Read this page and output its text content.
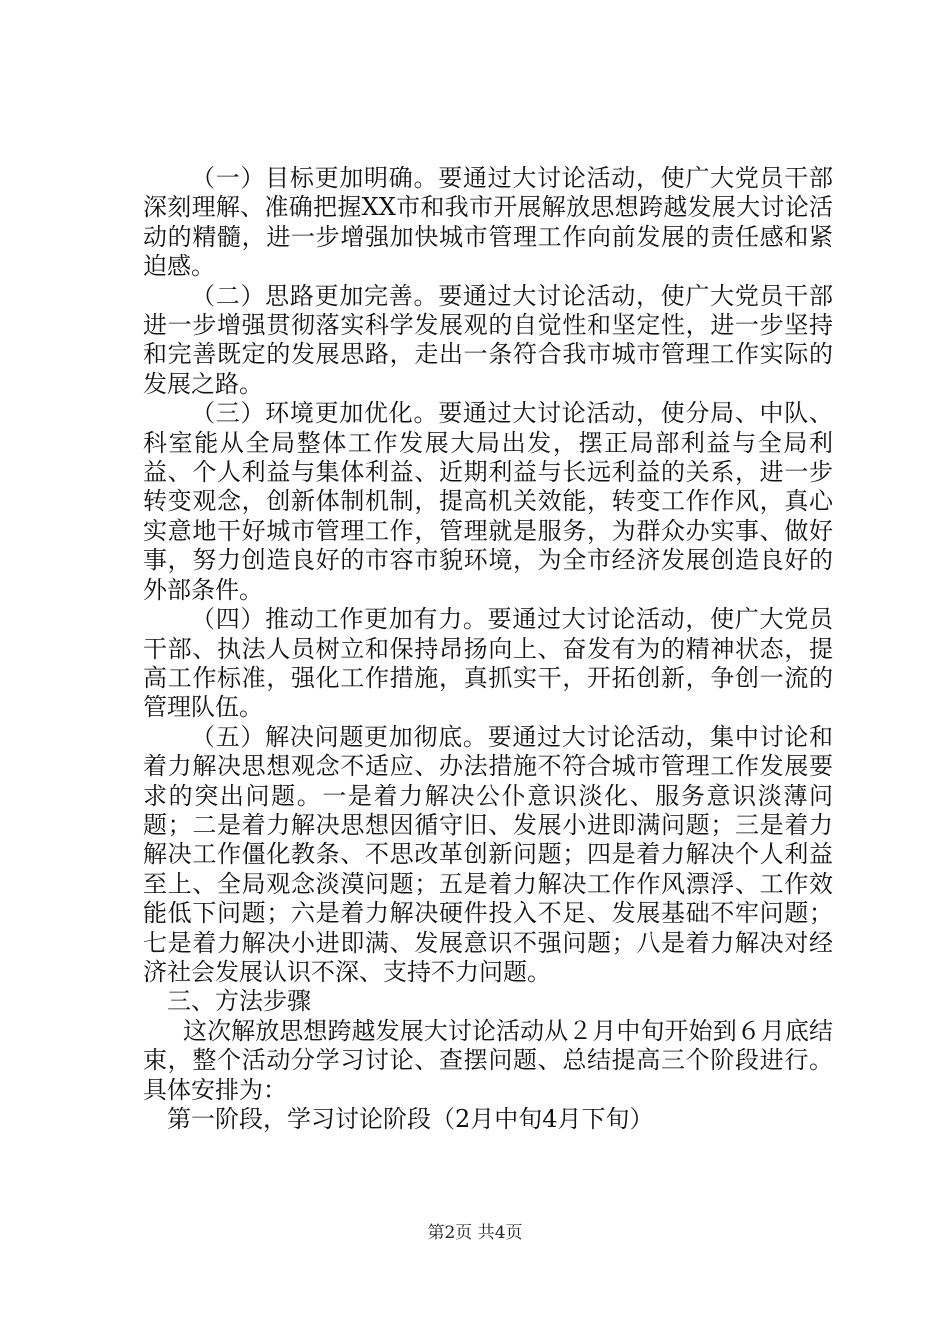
（一）目标更加明确。要通过大讨论活动，使广大党员干部深刻理解、准确把握XX市和我市开展解放思想跨越发展大讨论活动的精髓，进一步增强加快城市管理工作向前发展的责任感和紧迫感。

（二）思路更加完善。要通过大讨论活动，使广大党员干部进一步增强贯彻落实科学发展观的自觉性和坚定性，进一步坚持和完善既定的发展思路，走出一条符合我市城市管理工作实际的发展之路。

（三）环境更加优化。要通过大讨论活动，使分局、中队、科室能从全局整体工作发展大局出发，摆正局部利益与全局利益、个人利益与集体利益、近期利益与长远利益的关系，进一步转变观念，创新体制机制，提高机关效能，转变工作作风，真心实意地干好城市管理工作，管理就是服务，为群众办实事、做好事，努力创造良好的市容市貌环境，为全市经济发展创造良好的外部条件。

（四）推动工作更加有力。要通过大讨论活动，使广大党员干部、执法人员树立和保持昂扬向上、奋发有为的精神状态，提高工作标准，强化工作措施，真抓实干，开拓创新，争创一流的管理队伍。

（五）解决问题更加彻底。要通过大讨论活动，集中讨论和着力解决思想观念不适应、办法措施不符合城市管理工作发展要求的突出问题。一是着力解决公仆意识淡化、服务意识淡薄问题；二是着力解决思想因循守旧、发展小进即满问题；三是着力解决工作僵化教条、不思改革创新问题；四是着力解决个人利益至上、全局观念淡漠问题；五是着力解决工作作风漂浮、工作效能低下问题；六是着力解决硬件投入不足、发展基础不牢问题；七是着力解决小进即满、发展意识不强问题；八是着力解决对经济社会发展认识不深、支持不力问题。

三、方法步骤

这次解放思想跨越发展大讨论活动从２月中旬开始到６月底结束，整个活动分学习讨论、查摆问题、总结提高三个阶段进行。具体安排为：

第一阶段，学习讨论阶段（2月中旬4月下旬）

第2页 共4页
